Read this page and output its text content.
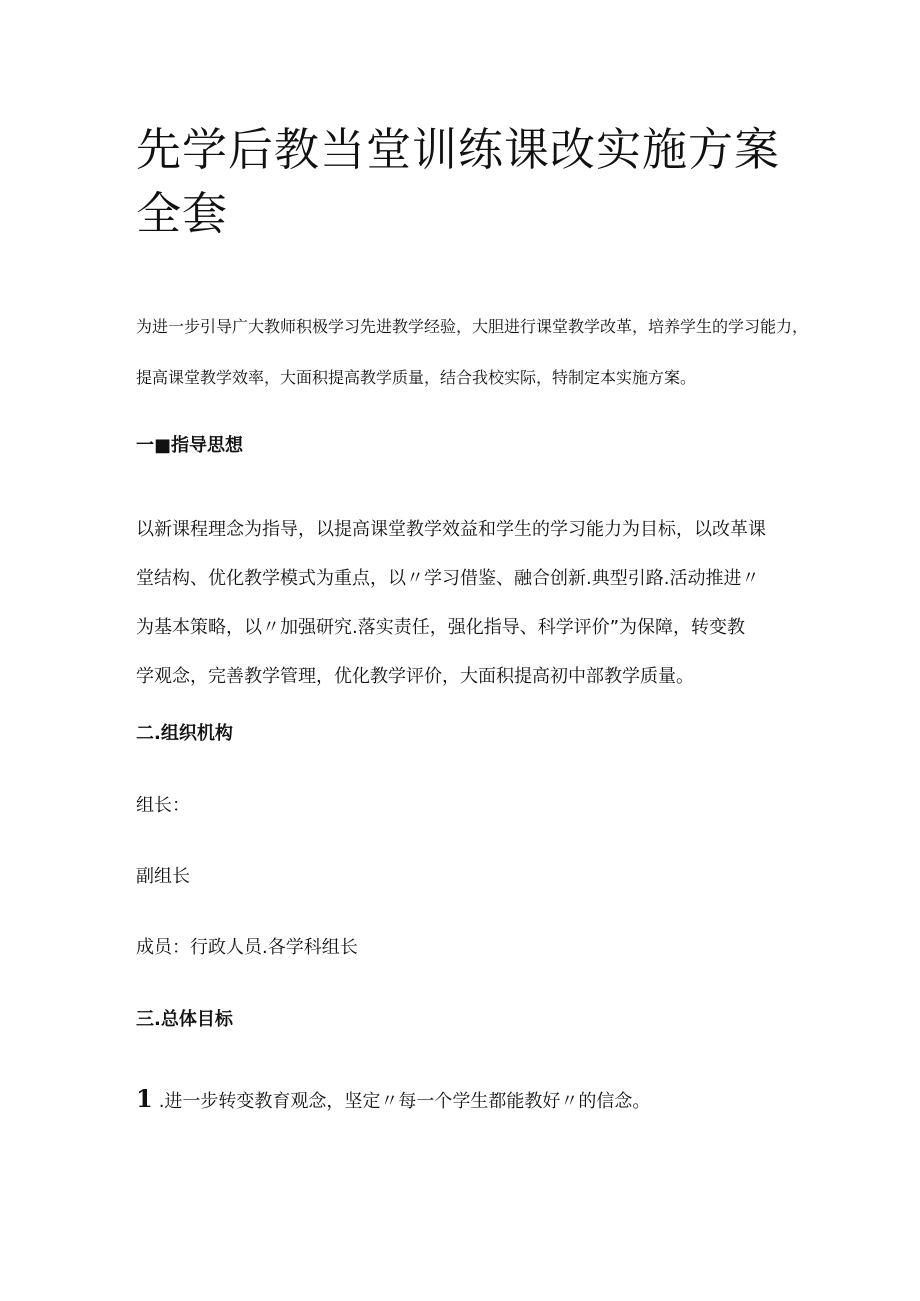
先学后教当堂训练课改实施方案全套

为进一步引导广大教师积极学习先进教学经验，大胆进行课堂教学改革，培养学生的学习能力，

提高课堂教学效率，大面积提高教学质量，结合我校实际，特制定本实施方案。

一■指导思想

以新课程理念为指导，以提高课堂教学效益和学生的学习能力为目标，以改革课
堂结构、优化教学模式为重点，以〃学习借鉴、融合创新.典型引路.活动推进〃
为基本策略，以〃加强研究.落实责任，强化指导、科学评价”为保障，转变教
学观念，完善教学管理，优化教学评价，大面积提高初中部教学质量。

二.组织机构

组长：

副组长

成员：行政人员.各学科组长

三.总体目标

1 .进一步转变教育观念，坚定〃每一个学生都能教好〃的信念。
